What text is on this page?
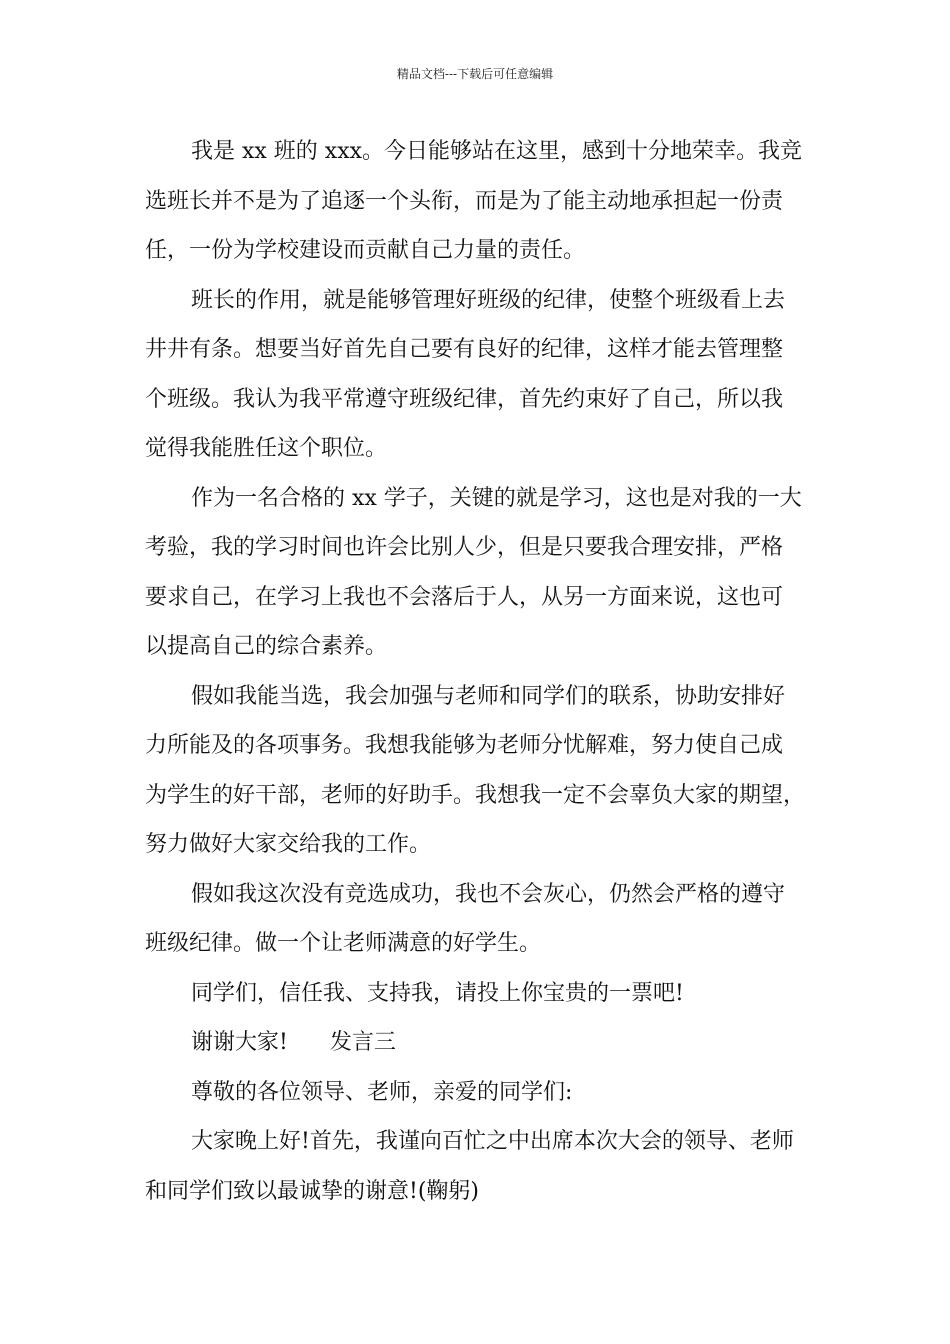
精品文档---下载后可任意编辑
我是 xx 班的 xxx。今日能够站在这里，感到十分地荣幸。我竞
选班长并不是为了追逐一个头衔，而是为了能主动地承担起一份责
任，一份为学校建设而贡献自己力量的责任。
班长的作用，就是能够管理好班级的纪律，使整个班级看上去
井井有条。想要当好首先自己要有良好的纪律，这样才能去管理整
个班级。我认为我平常遵守班级纪律，首先约束好了自己，所以我
觉得我能胜任这个职位。
作为一名合格的 xx 学子，关键的就是学习，这也是对我的一大
考验，我的学习时间也许会比别人少，但是只要我合理安排，严格
要求自己，在学习上我也不会落后于人，从另一方面来说，这也可
以提高自己的综合素养。
假如我能当选，我会加强与老师和同学们的联系，协助安排好
力所能及的各项事务。我想我能够为老师分忧解难，努力使自己成
为学生的好干部，老师的好助手。我想我一定不会辜负大家的期望，
努力做好大家交给我的工作。
假如我这次没有竞选成功，我也不会灰心，仍然会严格的遵守
班级纪律。做一个让老师满意的好学生。
同学们，信任我、支持我，请投上你宝贵的一票吧!
谢谢大家! 发言三
尊敬的各位领导、老师，亲爱的同学们:
大家晚上好!首先，我谨向百忙之中出席本次大会的领导、老师
和同学们致以最诚挚的谢意!(鞠躬)
